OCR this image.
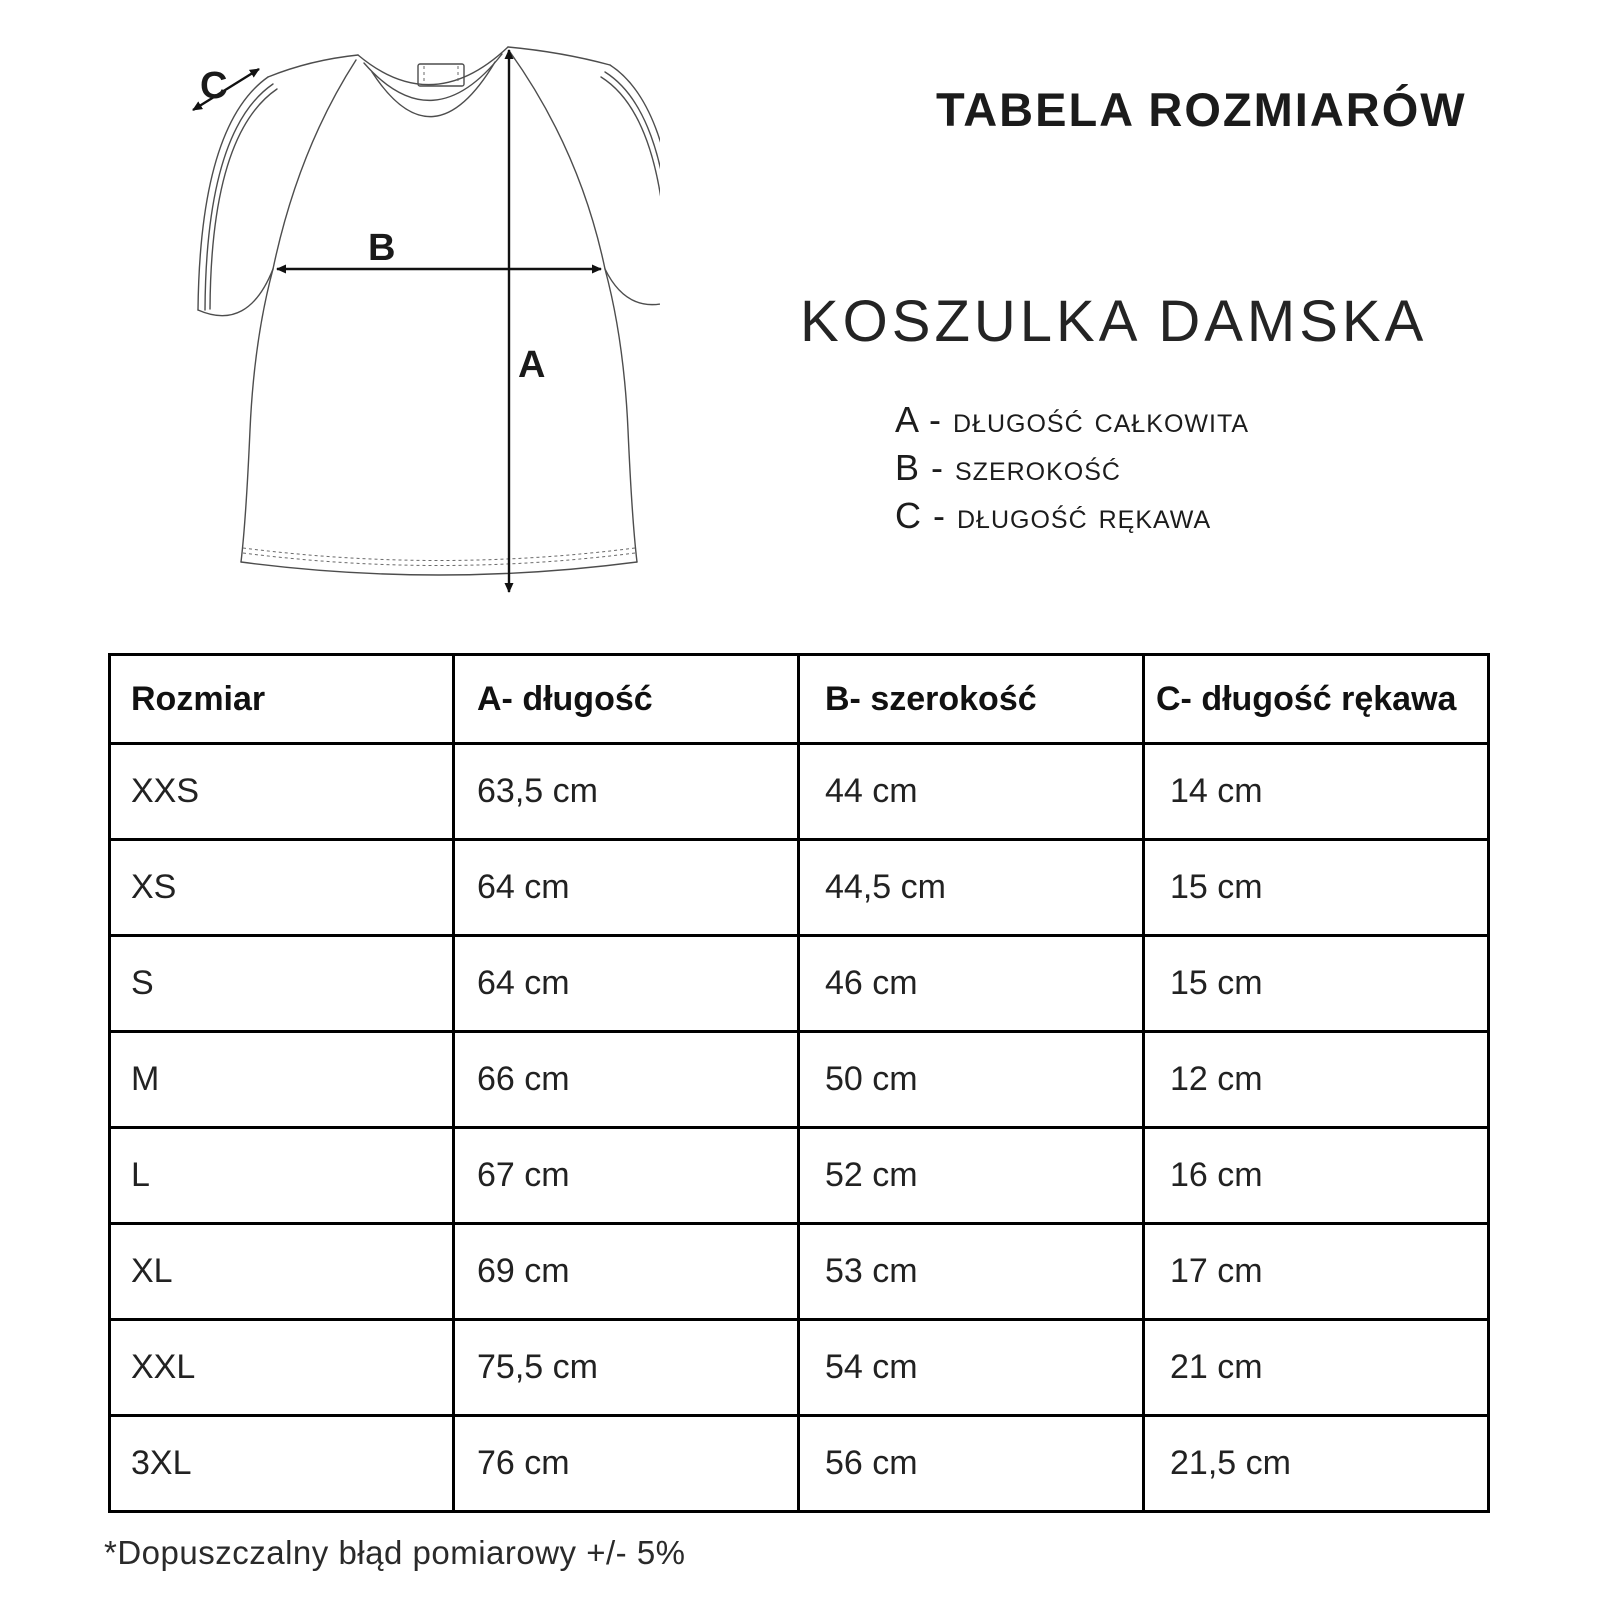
A
B
C	TABELA ROZMIARÓW
KOSZULKA DAMSKA
A - długość całkowita
B - szerokość
C - długość rękawa
Rozmiar	A- długość	B- szerokość	C- długość rękawa
XXS	63,5 cm	44 cm	14 cm
XS	64 cm	44,5 cm	15 cm
S	64 cm	46 cm	15 cm
M	66 cm	50 cm	12 cm
L	67 cm	52 cm	16 cm
XL	69 cm	53 cm	17 cm
XXL	75,5 cm	54 cm	21 cm
3XL	76 cm	56 cm	21,5 cm
*Dopuszczalny błąd pomiarowy +/- 5%
